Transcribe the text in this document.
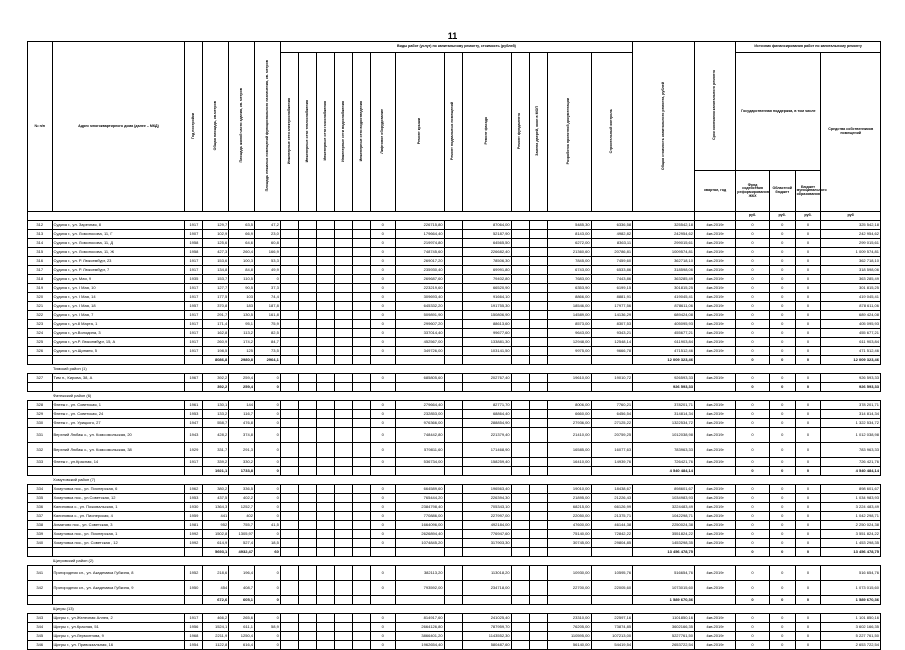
11
№ п/п	Адрес многоквартирного дома (далее – МКД)	Год постройки	Общая площадь, кв.метров	Площадь жилой части здания, кв. метров	Площадь нежилых помещений функционального назначения, кв. метров	Виды работ (услуг) по капитальному ремонту, стоимость (рублей)													Общая стоимость капитального ремонта, рублей	Срок окончания капитального ремонта	Источник финансирования работ по капитальному ремонту			
						Инженерные сети электроснабжения	Инженерные сети теплоснабжения	Инженерные сети газоснабжения	Инженерные сети водоснабжения	Инженерные сети водоотведения	Лифтовое оборудование	Ремонт крыши	Ремонт подвальных помещений	Ремонт фасада	Ремонт фундамента	Замена дверей, окон в МОП	Разработка проектной документации	Строительный контроль			Государственная поддержка, в том числе			Средства собственников помещений
																				квартал, год	Фонд содействия реформированию ЖКХ	Областной бюджет	Бюджет муниципального образования	
																					руб.	руб.	руб.	руб
312	Судиха г., ул. Заречная, 8	1917	129,7	63,5	47,2						0	226715,80		87064,00			5485,30	6336,58	325542,18	4кв.2019г	0	0	0	325 542,18
313	Судиха г., ул. Ломоносова, 11, Г	1907	102,9	66,9	23,0						0	179664,40		52187,90			8143,00	4982,82	242954,62	4кв.2019г	0	0	0	242 954,62
314	Судиха г., ул. Ломоносова, 11, Д	1958	125,6	64,6	60,8						0	219974,80		64565,50			6272,00	8363,11	299015,61	4кв.2019г	0	0	0	299 015,61
315	Судиха г., ул. Ломоносова, 11, Ж	1958	427,3	260,4	166,9						0	748745,60		226682,40			21360,60	20786,81	1009574,81	4кв.2019г	0	0	0	1 009 574,81
316	Судиха г., ул. Р. Люксембург, 23	1917	153,6	100,3	53,3						0	269017,20		78506,30			7845,00	7459,60	362718,10	4кв.2019г	0	0	0	362 718,10
317	Судиха г., ул. Р. Люксембург, 7	1917	134,8	84,8	49,9						0	235930,40		69991,80			6743,00	6533,86	318598,06	4кв.2019г	0	0	0	318 598,06
318	Судиха г., ул. Мая, 9	1935	153,7	110,5	0						0	269687,60		79402,80			7683,00	7443,86	363285,49	4кв.2019г	0	0	0	363 285,49
319	Судиха г., ул. I Мая, 10	1917	127,7	90,5	37,3						0	223219,60		66520,90			6353,90	6199,15	301815,25	4кв.2019г	0	0	0	301 815,25
320	Судиха г., ул. I Мая, 14	1917	177,5	103	74,4						0	309693,40		91664,10			8866,00	8881,91	419045,41	4кв.2019г	0	0	0	419 045,41
321	Судиха г., ул. I Мая, 18	1957	370,8	183	187,8						0	645332,20		191755,30			18546,00	17977,56	878611,06	4кв.2019г	0	0	0	878 611,06
322	Судиха г., ул. I Мая, 7	1917	291,7	130,5	161,8						0	509891,90		150806,90			14589,00	14136,29	689424,08	4кв.2019г	0	0	0	689 424,08
323	Судиха г., ул.8 Марта, 1	1917	171,4	95,1	75,9						0	299607,20		88613,60			8573,00	8307,53	405095,93	4кв.2019г	0	0	0	405 095,93
324	Судиха г., ул.Володина, 3	1917	162,8	113,2	82,5						0	337014,40		99677,60			9643,00	9343,21	455677,21	4кв.2019г	0	0	0	455 677,21
325	Судиха г., ул.Р. Люксембург, 15, А	1917	260,9	174,2	84,7						0	452567,00		133881,30			12948,00	12548,14	611903,84	4кв.2019г	0	0	0	611 903,84
326	Судиха г., ул.Щипаня, 5	1917	198,5	125	73,5						0	349726,00		103141,50			9975,00	9666,78	471512,46	4кв.2019г	0	0	0	471 512,46
			8086,8	2980,8	2964,1														12 009 323,46		0	0	0	12 009 323,46
	Тимский район (1)																							
327	Тим п., Кирова, 38, А	1967	392,2	259,4	0						0	685805,60		202767,40			19610,00	19010,72	926593,33	4кв.2019г	0	0	0	926 593,33
			392,2	259,4	0														926 593,33		0	0	0	926 593,33
	Фатежский район (6)																							
328	Фатеж г., ул. Советская, 1	1961	130,1	144	0						0	279664,40		82771,70			8006,00	7760,21	378201,71	4кв.2019г	0	0	0	378 201,71
329	Фатеж г., ул. Советская, 24	1953	133,2	116,7	0						0	232853,00		68864,40			6660,00	6456,54	314814,34	4кв.2019г	0	0	0	314 814,34
330	Фатеж г., ул. Урицкого, 27	1947	558,7	476,8	0						0	976366,00		288854,90			27936,00	27125,22	1322534,72	4кв.2019г	0	0	0	1 322 534,72
331	Верхний Любаж с., ул. Комсомольская, 20	1943	428,2	374,8	0						0	748442,80		221379,40			21410,00	20759,25	1012038,98	4кв.2019г	0	0	0	1 012 038,98
332	Верхний Любаж с., ул. Комсомольская, 38	1929	331,7	291,3	0						0	579811,60		171468,90			16585,00	16077,63	783963,33	4кв.2019г	0	0	0	783 963,33
333	Фатеж г., ул.Красная, 14	1917	339,2	330,2	0						0	536734,00		158259,40			16410,00	14939,76	726421,76	4кв.2019г	0	0	0	726 421,76
			1921,1	1733,8	0														4 540 484,14		0	0	0	4 540 484,14
	Хомутовский район (7)																							
334	Хомутовка пос., ул. Пионерская, 6	1962	380,2	336,5	0						0	664589,60		196563,40			19010,00	18438,67	898601,67	4кв.2019г	0	0	0	898 601,67
335	Хомутовка пос., ул.Советская, 12	1953	437,5	402,2	0						0	765444,20		226394,30			21895,00	21226,43	1034983,93	4кв.2019г	0	0	0	1 034 983,93
336	Калиновка с., ул. Пожовальская, 1	1930	1364,3	1252,7	0						0	2384798,40		705343,10			68215,00	66126,99	3224483,49	4кв.2019г	0	0	0	3 224 483,49
337	Калиновка с., ул. Пионерская, 4	1959	441	402	0						0	770886,00		227997,00			22050,00	21375,71	1042298,71	4кв.2019г	0	0	0	1 042 298,71
338	Ахматово пос., ул. Советская, 3	1981	952	755,7	41,5						0	1664096,00		492184,00			47600,00	46144,38	2250024,38	4кв.2019г	0	0	0	2 250 024,38
339	Хомутовка пос., ул. Пионерская, 1	1992	1502,8	1305,97	0						0	2626894,40		776947,60			75140,00	72842,22	3551824,22	4кв.2019г	0	0	0	3 551 824,22
340	Хомутовка пос., ул. Советская , 12	1992	614,9	527,4	18,5						0	1074845,20		317903,30			30745,00	29804,85	1453298,35	4кв.2019г	0	0	0	1 453 298,35
			5693,1	4932,47	60														13 456 478,75		0	0	0	13 456 478,75
	Щигровский район (2)																							
341	Пригородняя сл., ул. Академика Губкина, 8	1952	218,6	196,4	0						0	382113,20		113018,20			10930,00	10595,76	516654,76	4кв.2019г	0	0	0	516 654,76
342	Пригородняя сл., ул. Академика Губкина, 9	1950	454	408,7	0						0	793592,00		234718,00			22700,00	22005,60	1073015,60	4кв.2019г	0	0	0	1 073 015,60
			672,6	605,1	0														1 589 670,36		0	0	0	1 589 670,36
	Щигры (13)																							
343	Щигры г., ул.Железная Аллея, 2	1917	466,2	265,6	0						0	814917,60		241025,40			23310,00	22597,16	1101850,16	4кв.2019г	0	0	0	1 101 850,16
344	Щигры г., ул.Красная, 51	1956	1524,1	611,1	58,9						0	2664126,80		787959,70			76205,00	73874,85	3602166,35	4кв.2019г	0	0	0	3 602 166,35
345	Щигры г., ул.Лермонтова, 9	1968	2211,9	1250,4	0						0	3866401,20		1143552,30			110595,00	107213,00	5227761,50	4кв.2019г	0	0	0	5 227 761,50
346	Щигры г., ул. Привокзальная, 16	1954	1122,8	616,4	0						0	1962654,40		580487,60			56140,00	54419,54	2653722,54	4кв.2019г	0	0	0	2 653 722,54
